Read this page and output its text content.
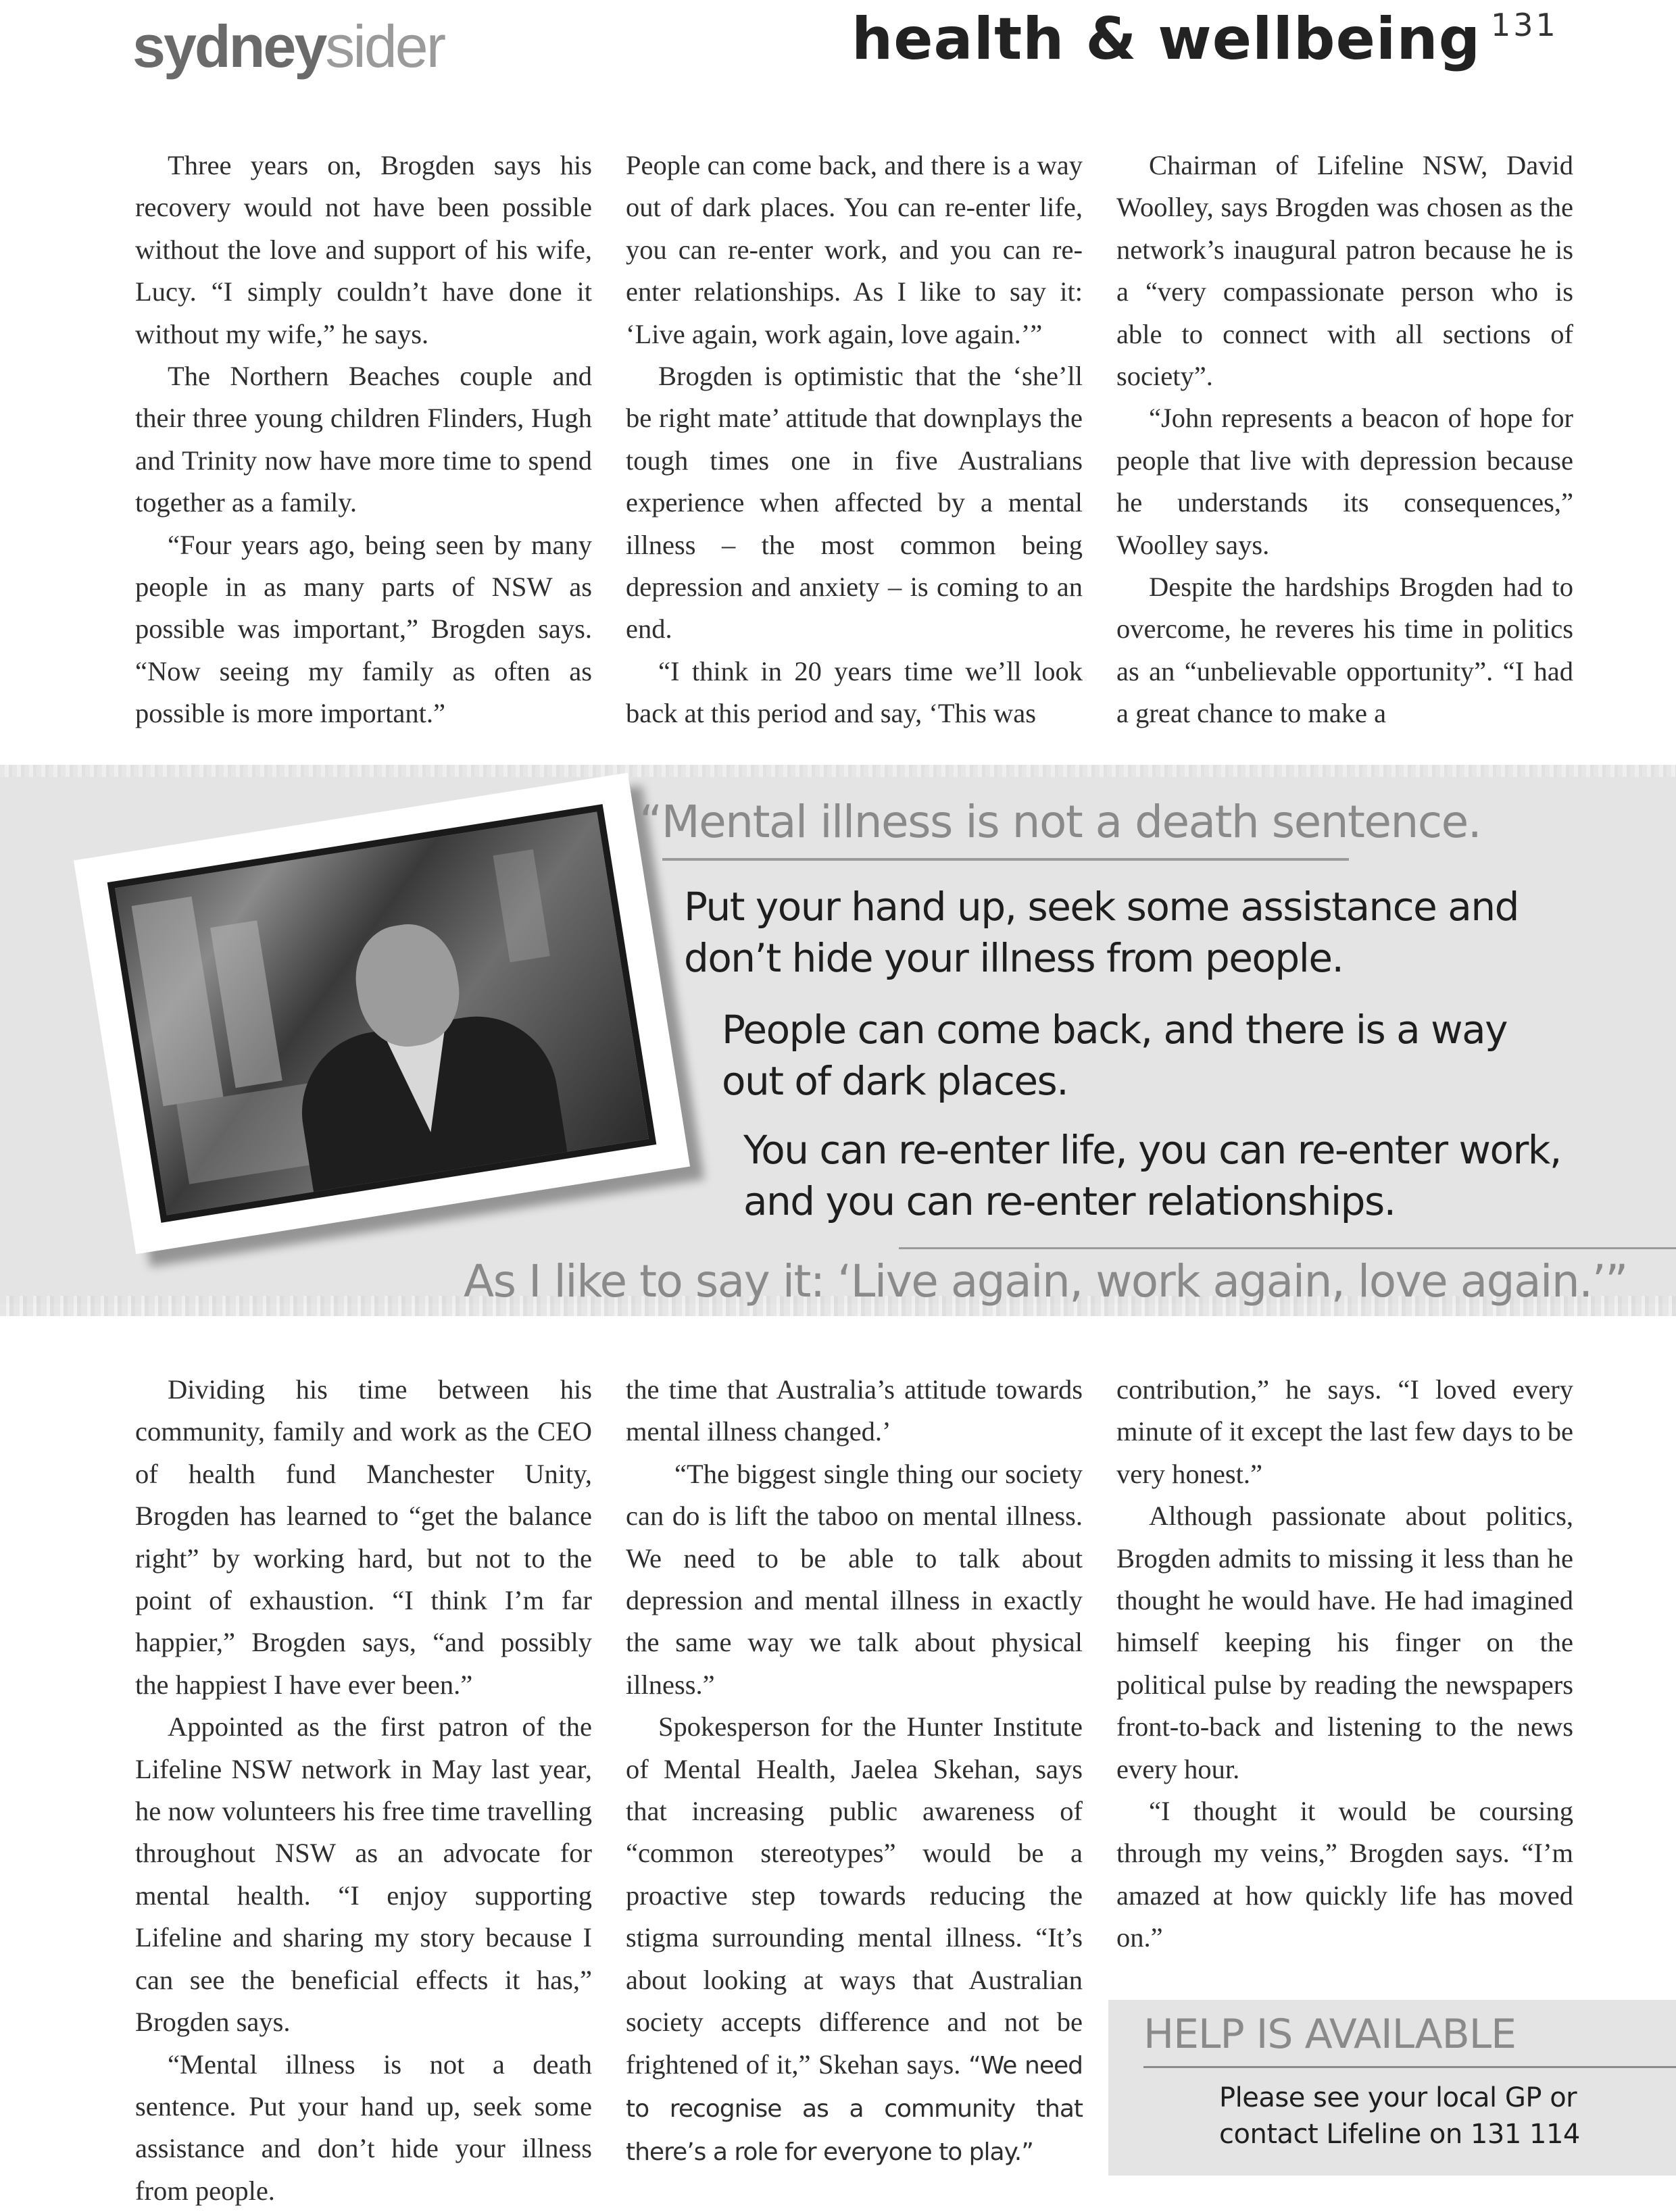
sydneysider	health & wellbeing 131

Three years on, Brogden says his recovery would not have been possible without the love and support of his wife, Lucy. “I simply couldn’t have done it without my wife,” he says.

The Northern Beaches couple and their three young children Flinders, Hugh and Trinity now have more time to spend together as a family.

“Four years ago, being seen by many people in as many parts of NSW as possible was important,” Brogden says. “Now seeing my family as often as possible is more important.”

People can come back, and there is a way out of dark places. You can re-enter life, you can re-enter work, and you can re-enter relationships. As I like to say it: ‘Live again, work again, love again.’”

Brogden is optimistic that the ‘she’ll be right mate’ attitude that downplays the tough times one in five Australians experience when affected by a mental illness – the most common being depression and anxiety – is coming to an end.

“I think in 20 years time we’ll look back at this period and say, ‘This was

Chairman of Lifeline NSW, David Woolley, says Brogden was chosen as the network’s inaugural patron because he is a “very compassionate person who is able to connect with all sections of society”.

“John represents a beacon of hope for people that live with depression because he understands its consequences,” Woolley says.

Despite the hardships Brogden had to overcome, he reveres his time in politics as an “unbelievable opportunity”. “I had a great chance to make a

“Mental illness is not a death sentence.
Put your hand up, seek some assistance and
don’t hide your illness from people.
People can come back, and there is a way
out of dark places.
You can re-enter life, you can re-enter work,
and you can re-enter relationships.
As I like to say it: ‘Live again, work again, love again.’”

Dividing his time between his community, family and work as the CEO of health fund Manchester Unity, Brogden has learned to “get the balance right” by working hard, but not to the point of exhaustion. “I think I’m far happier,” Brogden says, “and possibly the happiest I have ever been.”

Appointed as the first patron of the Lifeline NSW network in May last year, he now volunteers his free time travelling throughout NSW as an advocate for mental health. “I enjoy supporting Lifeline and sharing my story because I can see the beneficial effects it has,” Brogden says.

“Mental illness is not a death sentence. Put your hand up, seek some assistance and don’t hide your illness from people.

the time that Australia’s attitude towards mental illness changed.’

“The biggest single thing our society can do is lift the taboo on mental illness. We need to be able to talk about depression and mental illness in exactly the same way we talk about physical illness.”

Spokesperson for the Hunter Institute of Mental Health, Jaelea Skehan, says that increasing public awareness of “common stereotypes” would be a proactive step towards reducing the stigma surrounding mental illness. “It’s about looking at ways that Australian society accepts difference and not be frightened of it,” Skehan says. “We need to recognise as a community that there’s a role for everyone to play.”

contribution,” he says. “I loved every minute of it except the last few days to be very honest.”

Although passionate about politics, Brogden admits to missing it less than he thought he would have. He had imagined himself keeping his finger on the political pulse by reading the newspapers front-to-back and listening to the news every hour.

“I thought it would be coursing through my veins,” Brogden says. “I’m amazed at how quickly life has moved on.”

HELP IS AVAILABLE
Please see your local GP or
contact Lifeline on 131 114
